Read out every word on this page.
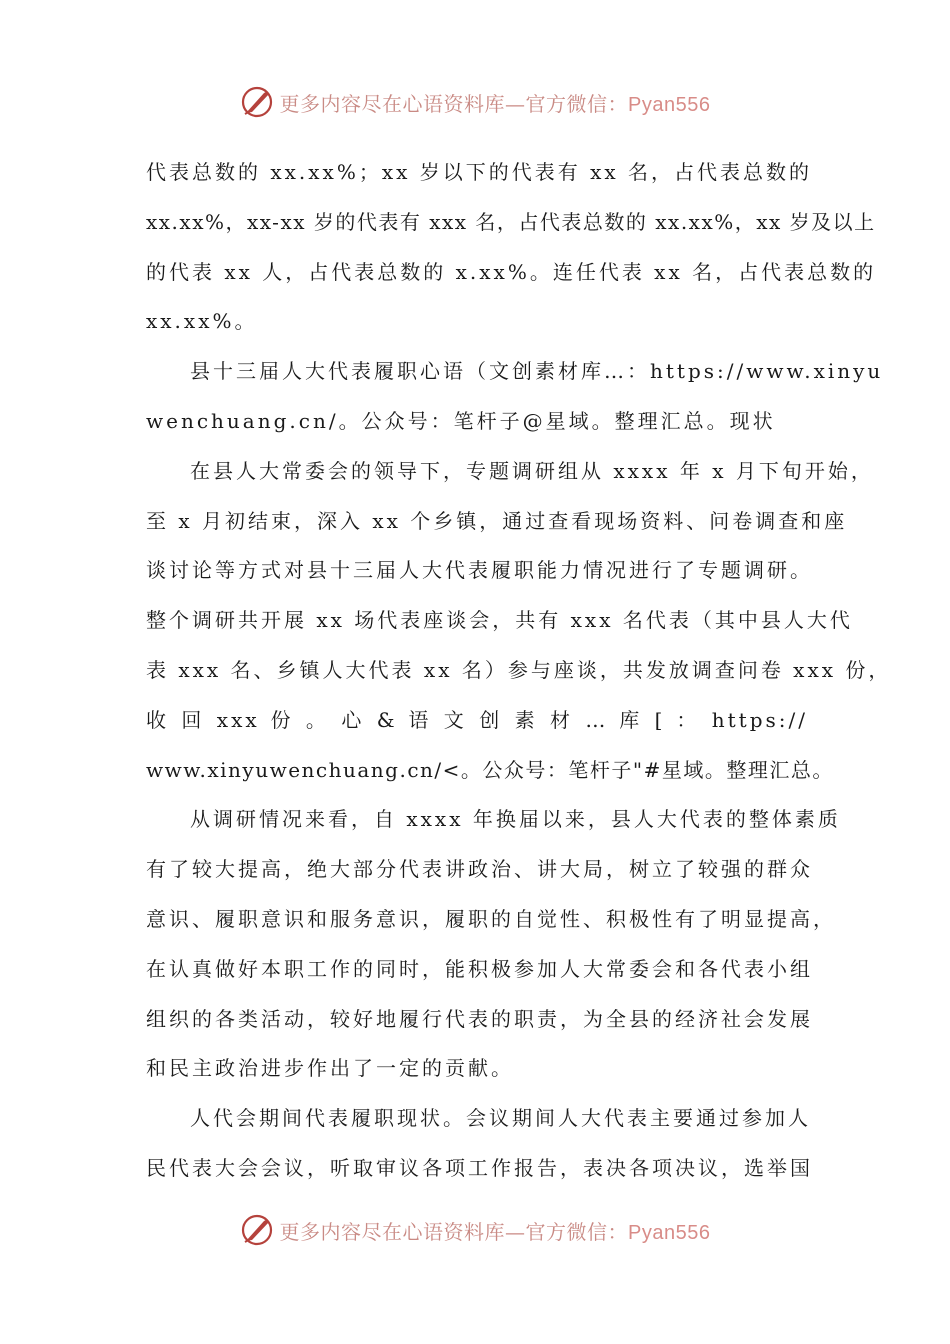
更多内容尽在心语资料库—官方微信：Pyan556
代表总数的 xx.xx%；xx 岁以下的代表有 xx 名，占代表总数的
xx.xx%，xx-xx 岁的代表有 xxx 名，占代表总数的 xx.xx%，xx 岁及以上
的代表 xx 人，占代表总数的 x.xx%。连任代表 xx 名，占代表总数的
xx.xx%。
县十三届人大代表履职心语（文创素材库…：https://www.xinyu
wenchuang.cn/。公众号：笔杆子@星域。整理汇总。现状
在县人大常委会的领导下，专题调研组从 xxxx 年 x 月下旬开始，
至 x 月初结束，深入 xx 个乡镇，通过查看现场资料、问卷调查和座
谈讨论等方式对县十三届人大代表履职能力情况进行了专题调研。
整个调研共开展 xx 场代表座谈会，共有 xxx 名代表（其中县人大代
表 xxx 名、乡镇人大代表 xx 名）参与座谈，共发放调查问卷 xxx 份，
收 回 xxx 份 。 心 & 语 文 创 素 材 … 库 [ ： https://
www.xinyuwenchuang.cn/<。公众号：笔杆子"#星域。整理汇总。
从调研情况来看，自 xxxx 年换届以来，县人大代表的整体素质
有了较大提高，绝大部分代表讲政治、讲大局，树立了较强的群众
意识、履职意识和服务意识，履职的自觉性、积极性有了明显提高，
在认真做好本职工作的同时，能积极参加人大常委会和各代表小组
组织的各类活动，较好地履行代表的职责，为全县的经济社会发展
和民主政治进步作出了一定的贡献。
人代会期间代表履职现状。会议期间人大代表主要通过参加人
民代表大会会议，听取审议各项工作报告，表决各项决议，选举国
更多内容尽在心语资料库—官方微信：Pyan556
